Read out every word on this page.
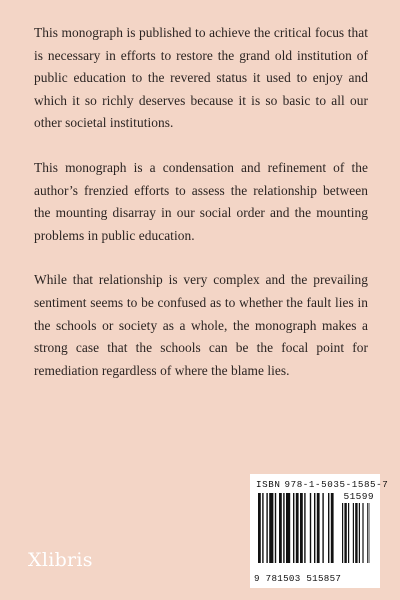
This monograph is published to achieve the critical focus that is necessary in efforts to restore the grand old institution of public education to the revered status it used to enjoy and which it so richly deserves because it is so basic to all our other societal institutions.

This monograph is a condensation and refinement of the author’s frenzied efforts to assess the relationship between the mounting disarray in our social order and the mounting problems in public education.

While that relationship is very complex and the prevailing sentiment seems to be confused as to whether the fault lies in the schools or society as a whole, the monograph makes a strong case that the schools can be the focal point for remediation regardless of where the blame lies.

ISBN 978-1-5035-1585-7
51599
9 781503 515857
Xlibris
